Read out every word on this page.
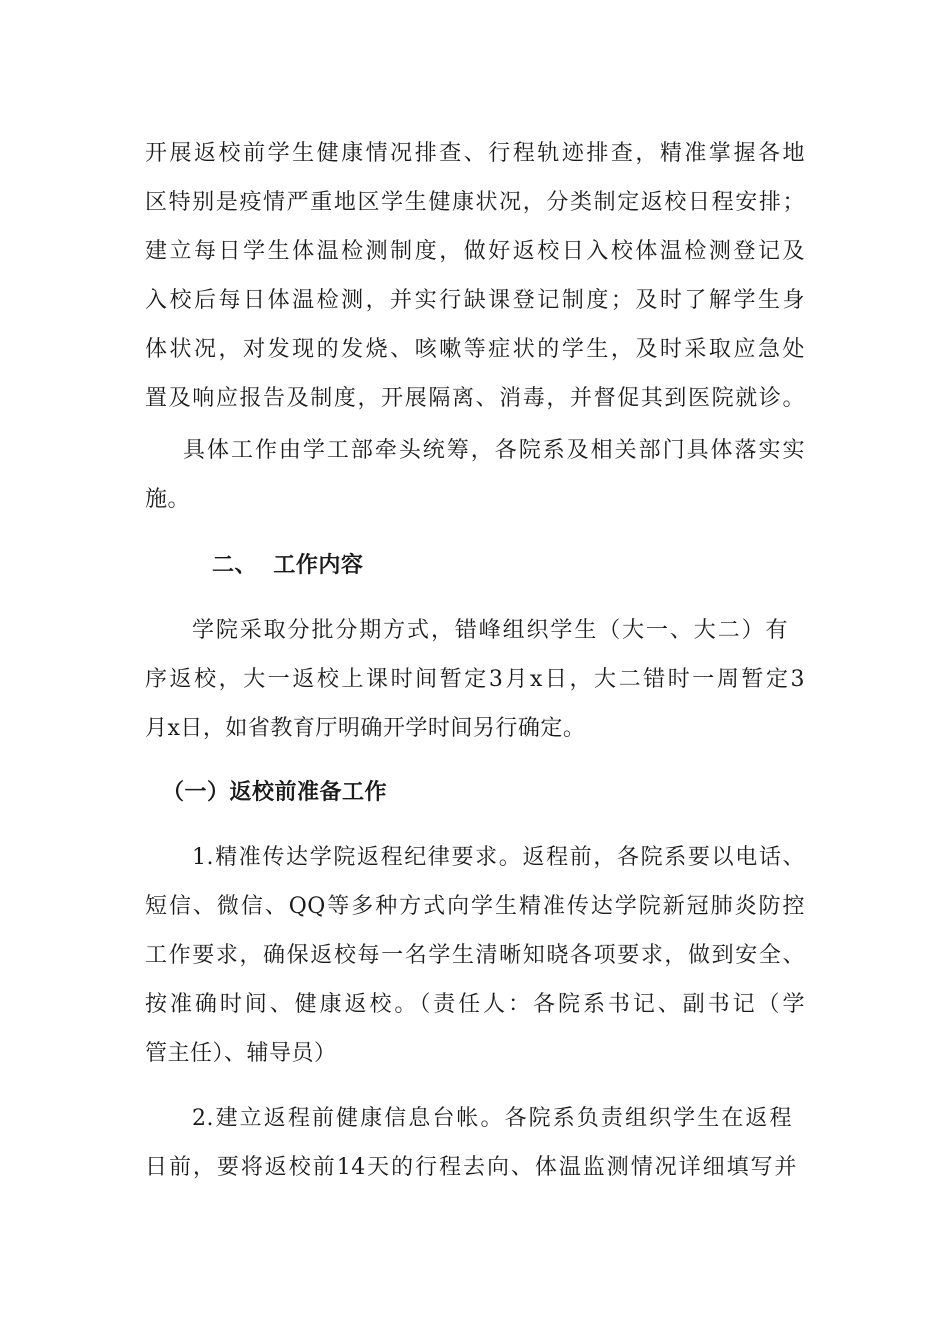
开展返校前学生健康情况排查、行程轨迹排查，精准掌握各地
区特别是疫情严重地区学生健康状况，分类制定返校日程安排；
建立每日学生体温检测制度，做好返校日入校体温检测登记及
入校后每日体温检测，并实行缺课登记制度；及时了解学生身
体状况，对发现的发烧、咳嗽等症状的学生，及时采取应急处
置及响应报告及制度，开展隔离、消毒，并督促其到医院就诊。
具体工作由学工部牵头统筹，各院系及相关部门具体落实实
施。
二、  工作内容
学院采取分批分期方式，错峰组织学生（大一、大二）有
序返校，大一返校上课时间暂定3月x日，大二错时一周暂定3
月x日，如省教育厅明确开学时间另行确定。
（一）返校前准备工作
1.精准传达学院返程纪律要求。返程前，各院系要以电话、
短信、微信、QQ等多种方式向学生精准传达学院新冠肺炎防控
工作要求，确保返校每一名学生清晰知晓各项要求，做到安全、
按准确时间、健康返校。（责任人：各院系书记、副书记（学
管主任）、辅导员）
2.建立返程前健康信息台帐。各院系负责组织学生在返程
日前，要将返校前14天的行程去向、体温监测情况详细填写并
